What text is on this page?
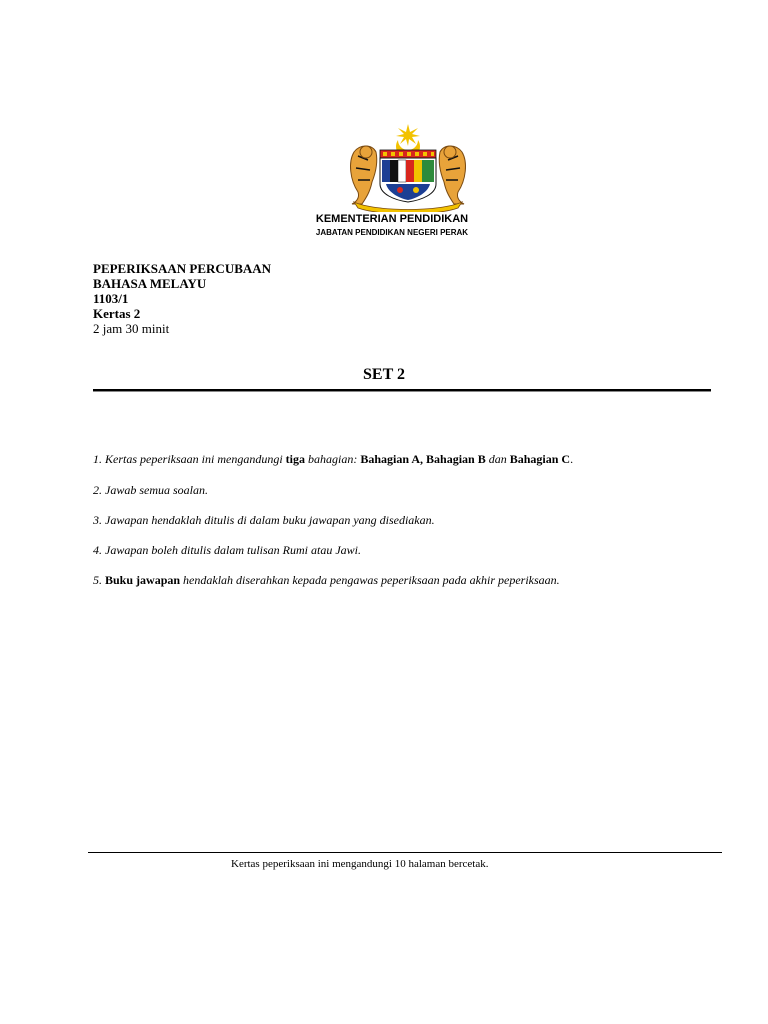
KEMENTERIAN PENDIDIKAN
JABATAN PENDIDIKAN NEGERI PERAK
PEPERIKSAAN PERCUBAAN
BAHASA MELAYU
1103/1
Kertas 2
2 jam 30 minit
SET 2
1. Kertas peperiksaan ini mengandungi tiga bahagian: Bahagian A, Bahagian B dan Bahagian C.
2. Jawab semua soalan.
3. Jawapan hendaklah ditulis di dalam buku jawapan yang disediakan.
4. Jawapan boleh ditulis dalam tulisan Rumi atau Jawi.
5. Buku jawapan hendaklah diserahkan kepada pengawas peperiksaan pada akhir peperiksaan.
Kertas peperiksaan ini mengandungi 10 halaman bercetak.
